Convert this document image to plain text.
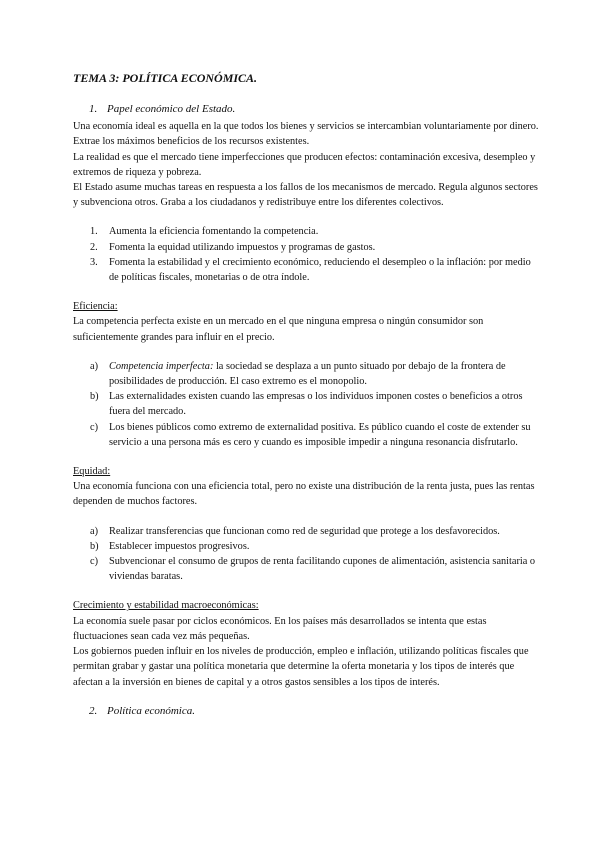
TEMA 3: POLÍTICA ECONÓMICA.
1. Papel económico del Estado.

Una economía ideal es aquella en la que todos los bienes y servicios se intercambian voluntariamente por dinero. Extrae los máximos beneficios de los recursos existentes.

La realidad es que el mercado tiene imperfecciones que producen efectos: contaminación excesiva, desempleo y extremos de riqueza y pobreza.

El Estado asume muchas tareas en respuesta a los fallos de los mecanismos de mercado. Regula algunos sectores y subvenciona otros. Graba a los ciudadanos y redistribuye entre los diferentes colectivos.

1. Aumenta la eficiencia fomentando la competencia.
2. Fomenta la equidad utilizando impuestos y programas de gastos.
3. Fomenta la estabilidad y el crecimiento económico, reduciendo el desempleo o la inflación: por medio de políticas fiscales, monetarias o de otra índole.

Eficiencia:

La competencia perfecta existe en un mercado en el que ninguna empresa o ningún consumidor son suficientemente grandes para influir en el precio.

a) Competencia imperfecta: la sociedad se desplaza a un punto situado por debajo de la frontera de posibilidades de producción. El caso extremo es el monopolio.
b) Las externalidades existen cuando las empresas o los individuos imponen costes o beneficios a otros fuera del mercado.
c) Los bienes públicos como extremo de externalidad positiva. Es público cuando el coste de extender su servicio a una persona más es cero y cuando es imposible impedir a ninguna resonancia disfrutarlo.

Equidad:

Una economía funciona con una eficiencia total, pero no existe una distribución de la renta justa, pues las rentas dependen de muchos factores.

a) Realizar transferencias que funcionan como red de seguridad que protege a los desfavorecidos.
b) Establecer impuestos progresivos.
c) Subvencionar el consumo de grupos de renta facilitando cupones de alimentación, asistencia sanitaria o viviendas baratas.

Crecimiento y estabilidad macroeconómicas:

La economía suele pasar por ciclos económicos. En los países más desarrollados se intenta que estas fluctuaciones sean cada vez más pequeñas.

Los gobiernos pueden influir en los niveles de producción, empleo e inflación, utilizando políticas fiscales que permitan grabar y gastar una política monetaria que determine la oferta monetaria y los tipos de interés que afectan a la inversión en bienes de capital y a otros gastos sensibles a los tipos de interés.

2. Política económica.
